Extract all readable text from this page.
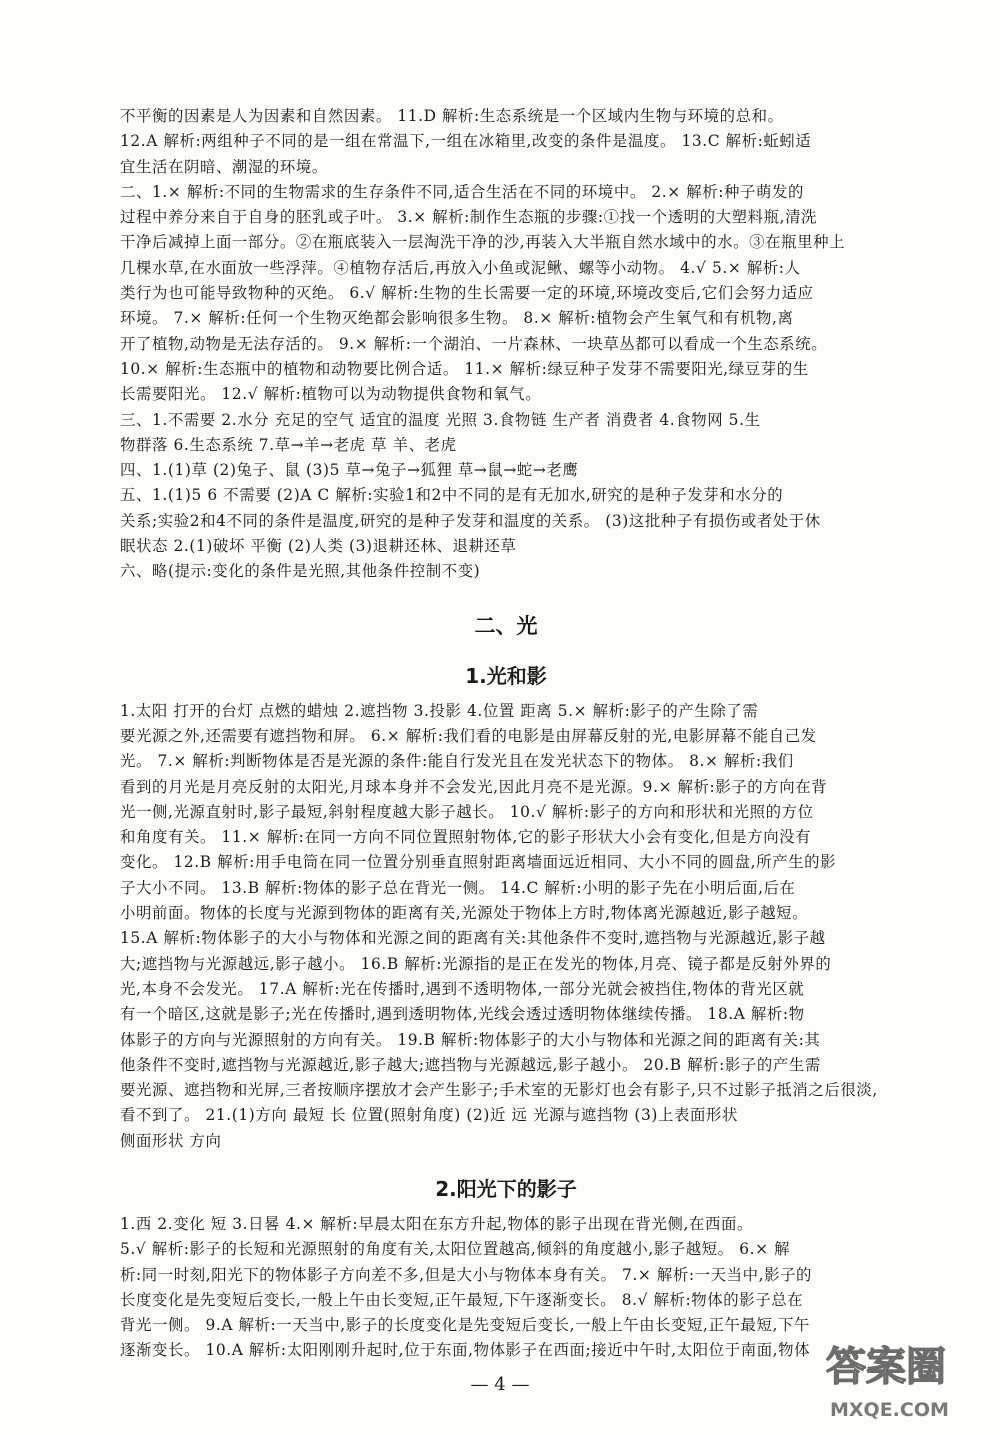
不平衡的因素是人为因素和自然因素。 11.D 解析:生态系统是一个区域内生物与环境的总和。

12.A 解析:两组种子不同的是一组在常温下,一组在冰箱里,改变的条件是温度。 13.C 解析:蚯蚓适

宜生活在阴暗、潮湿的环境。

二、1.× 解析:不同的生物需求的生存条件不同,适合生活在不同的环境中。 2.× 解析:种子萌发的

过程中养分来自于自身的胚乳或子叶。 3.× 解析:制作生态瓶的步骤:①找一个透明的大塑料瓶,清洗

干净后减掉上面一部分。②在瓶底装入一层淘洗干净的沙,再装入大半瓶自然水域中的水。③在瓶里种上

几棵水草,在水面放一些浮萍。④植物存活后,再放入小鱼或泥鳅、螺等小动物。 4.√ 5.× 解析:人

类行为也可能导致物种的灭绝。 6.√ 解析:生物的生长需要一定的环境,环境改变后,它们会努力适应

环境。 7.× 解析:任何一个生物灭绝都会影响很多生物。 8.× 解析:植物会产生氧气和有机物,离

开了植物,动物是无法存活的。 9.× 解析:一个湖泊、一片森林、一块草丛都可以看成一个生态系统。

10.× 解析:生态瓶中的植物和动物要比例合适。 11.× 解析:绿豆种子发芽不需要阳光,绿豆芽的生

长需要阳光。 12.√ 解析:植物可以为动物提供食物和氧气。

三、1.不需要 2.水分 充足的空气 适宜的温度 光照 3.食物链 生产者 消费者 4.食物网 5.生

物群落 6.生态系统 7.草→羊→老虎 草 羊、老虎

四、1.(1)草 (2)兔子、鼠 (3)5 草→兔子→狐狸 草→鼠→蛇→老鹰

五、1.(1)5 6 不需要 (2)A C 解析:实验1和2中不同的是有无加水,研究的是种子发芽和水分的

关系;实验2和4不同的条件是温度,研究的是种子发芽和温度的关系。 (3)这批种子有损伤或者处于休

眠状态 2.(1)破坏 平衡 (2)人类 (3)退耕还林、退耕还草

六、略(提示:变化的条件是光照,其他条件控制不变)

二、光
1.光和影

1.太阳 打开的台灯 点燃的蜡烛 2.遮挡物 3.投影 4.位置 距离 5.× 解析:影子的产生除了需

要光源之外,还需要有遮挡物和屏。 6.× 解析:我们看的电影是由屏幕反射的光,电影屏幕不能自己发

光。 7.× 解析:判断物体是否是光源的条件:能自行发光且在发光状态下的物体。 8.× 解析:我们

看到的月光是月亮反射的太阳光,月球本身并不会发光,因此月亮不是光源。9.× 解析:影子的方向在背

光一侧,光源直射时,影子最短,斜射程度越大影子越长。 10.√ 解析:影子的方向和形状和光照的方位

和角度有关。 11.× 解析:在同一方向不同位置照射物体,它的影子形状大小会有变化,但是方向没有

变化。 12.B 解析:用手电筒在同一位置分别垂直照射距离墙面远近相同、大小不同的圆盘,所产生的影

子大小不同。 13.B 解析:物体的影子总在背光一侧。 14.C 解析:小明的影子先在小明后面,后在

小明前面。物体的长度与光源到物体的距离有关,光源处于物体上方时,物体离光源越近,影子越短。

15.A 解析:物体影子的大小与物体和光源之间的距离有关:其他条件不变时,遮挡物与光源越近,影子越

大;遮挡物与光源越远,影子越小。 16.B 解析:光源指的是正在发光的物体,月亮、镜子都是反射外界的

光,本身不会发光。 17.A 解析:光在传播时,遇到不透明物体,一部分光就会被挡住,物体的背光区就

有一个暗区,这就是影子;光在传播时,遇到透明物体,光线会透过透明物体继续传播。 18.A 解析:物

体影子的方向与光源照射的方向有关。 19.B 解析:物体影子的大小与物体和光源之间的距离有关:其

他条件不变时,遮挡物与光源越近,影子越大;遮挡物与光源越远,影子越小。 20.B 解析:影子的产生需

要光源、遮挡物和光屏,三者按顺序摆放才会产生影子;手术室的无影灯也会有影子,只不过影子抵消之后很淡,

看不到了。 21.(1)方向 最短 长 位置(照射角度) (2)近 远 光源与遮挡物 (3)上表面形状

侧面形状 方向

2.阳光下的影子

1.西 2.变化 短 3.日晷 4.× 解析:早晨太阳在东方升起,物体的影子出现在背光侧,在西面。

5.√ 解析:影子的长短和光源照射的角度有关,太阳位置越高,倾斜的角度越小,影子越短。 6.× 解

析:同一时刻,阳光下的物体影子方向差不多,但是大小与物体本身有关。 7.× 解析:一天当中,影子的

长度变化是先变短后变长,一般上午由长变短,正午最短,下午逐渐变长。 8.√ 解析:物体的影子总在

背光一侧。 9.A 解析:一天当中,影子的长度变化是先变短后变长,一般上午由长变短,正午最短,下午

逐渐变长。 10.A 解析:太阳刚刚升起时,位于东面,物体影子在西面;接近中午时,太阳位于南面,物体

— 4 —	答案圈
MXQE.COM
